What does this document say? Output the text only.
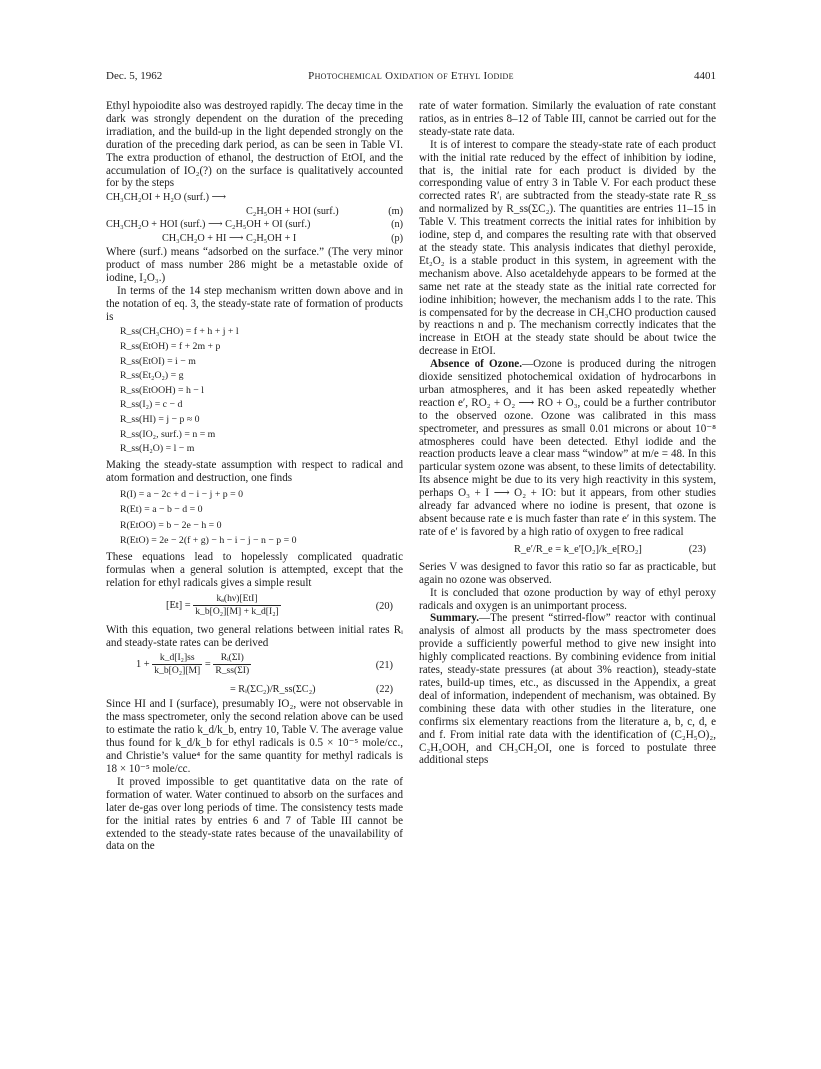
Dec. 5, 1962	Photochemical Oxidation of Ethyl Iodide	4401

Ethyl hypoiodite also was destroyed rapidly. The decay time in the dark was strongly dependent on the duration of the preceding irradiation, and the build-up in the light depended strongly on the duration of the preceding dark period, as can be seen in Table VI. The extra production of ethanol, the destruction of EtOI, and the accumulation of IO₂(?) on the surface is qualitatively accounted for by the steps

CH₃CH₂OI + H₂O (surf.) ⟶
C₂H₅OH + HOI (surf.)	(m)
CH₃CH₂O + HOI (surf.) ⟶ C₂H₅OH + OI (surf.)	(n)
CH₃CH₂O + HI ⟶ C₂H₅OH + I	(p)

Where (surf.) means “adsorbed on the surface.” (The very minor product of mass number 286 might be a metastable oxide of iodine, I₂O₃.)

In terms of the 14 step mechanism written down above and in the notation of eq. 3, the steady-state rate of formation of products is

R_ss(CH₃CHO) = f + h + j + l
R_ss(EtOH) = f + 2m + p
R_ss(EtOI) = i − m
R_ss(Et₂O₂) = g
R_ss(EtOOH) = h − l
R_ss(I₂) = c − d
R_ss(HI) = j − p ≈ 0
R_ss(IO₂, surf.) = n = m
R_ss(H₂O) = l − m

Making the steady-state assumption with respect to radical and atom formation and destruction, one finds

R(I) = a − 2c + d − i − j + p = 0
R(Et) = a − b − d = 0
R(EtOO) = b − 2e − h = 0
R(EtO) = 2e − 2(f + g) − h − i − j − n − p = 0

These equations lead to hopelessly complicated quadratic formulas when a general solution is attempted, except that the relation for ethyl radicals gives a simple result

[Et] =
kₐ(hν)[EtI]
k_b[O₂][M] + k_d[I₂]	(20)

With this equation, two general relations between initial rates Rᵢ and steady-state rates can be derived

$1 + \frac{\text{k\_d[I₂]ss}}{\text{k\_b[O₂][M]}} = \frac{\text{Rᵢ(ΣI)}}{R\_ss(\Sigma I)}$	(21)
= Rᵢ(ΣC₂)/R_ss(ΣC₂)	(22)

Since HI and I (surface), presumably IO₂, were not observable in the mass spectrometer, only the second relation above can be used to estimate the ratio k_d/k_b, entry 10, Table V. The average value thus found for k_d/k_b for ethyl radicals is 0.5 × 10⁻⁵ mole/cc., and Christie’s value⁴ for the same quantity for methyl radicals is 18 × 10⁻⁵ mole/cc.

It proved impossible to get quantitative data on the rate of formation of water. Water continued to absorb on the surfaces and later de-gas over long periods of time. The consistency tests made for the initial rates by entries 6 and 7 of Table III cannot be extended to the steady-state rates because of the unavailability of data on the

rate of water formation. Similarly the evaluation of rate constant ratios, as in entries 8–12 of Table III, cannot be carried out for the steady-state rate data.

It is of interest to compare the steady-state rate of each product with the initial rate reduced by the effect of inhibition by iodine, that is, the initial rate for each product is divided by the corresponding value of entry 3 in Table V. For each product these corrected rates R′ᵢ are subtracted from the steady-state rate R_ss and normalized by R_ss(ΣC₂). The quantities are entries 11–15 in Table V. This treatment corrects the initial rates for inhibition by iodine, step d, and compares the resulting rate with that observed at the steady state. This analysis indicates that diethyl peroxide, Et₂O₂ is a stable product in this system, in agreement with the mechanism above. Also acetaldehyde appears to be formed at the same net rate at the steady state as the initial rate corrected for iodine inhibition; however, the mechanism adds l to the rate. This is compensated for by the decrease in CH₃CHO production caused by reactions n and p. The mechanism correctly indicates that the increase in EtOH at the steady state should be about twice the decrease in EtOI.

Absence of Ozone.—Ozone is produced during the nitrogen dioxide sensitized photochemical oxidation of hydrocarbons in urban atmospheres, and it has been asked repeatedly whether reaction e′, RO₂ + O₂ ⟶ RO + O₃, could be a further contributor to the observed ozone. Ozone was calibrated in this mass spectrometer, and pressures as small 0.01 microns or about 10⁻⁸ atmospheres could have been detected. Ethyl iodide and the reaction products leave a clear mass “window” at m/e = 48. In this particular system ozone was absent, to these limits of detectability. Its absence might be due to its very high reactivity in this system, perhaps O₃ + I ⟶ O₂ + IO: but it appears, from other studies already far advanced where no iodine is present, that ozone is absent because rate e is much faster than rate e′ in this system. The rate of e′ is favored by a high ratio of oxygen to free radical

R_e′/R_e = k_e′[O₂]/k_e[RO₂]	(23)

Series V was designed to favor this ratio so far as practicable, but again no ozone was observed.

It is concluded that ozone production by way of ethyl peroxy radicals and oxygen is an unimportant process.

Summary.—The present “stirred-flow” reactor with continual analysis of almost all products by the mass spectrometer does provide a sufficiently powerful method to give new insight into highly complicated reactions. By combining evidence from initial rates, steady-state pressures (at about 3% reaction), steady-state rates, build-up times, etc., as discussed in the Appendix, a great deal of information, independent of mechanism, was obtained. By combining these data with other studies in the literature, one confirms six elementary reactions from the literature a, b, c, d, e and f. From initial rate data with the identification of (C₂H₅O)₂, C₂H₅OOH, and CH₃CH₂OI, one is forced to postulate three additional steps
